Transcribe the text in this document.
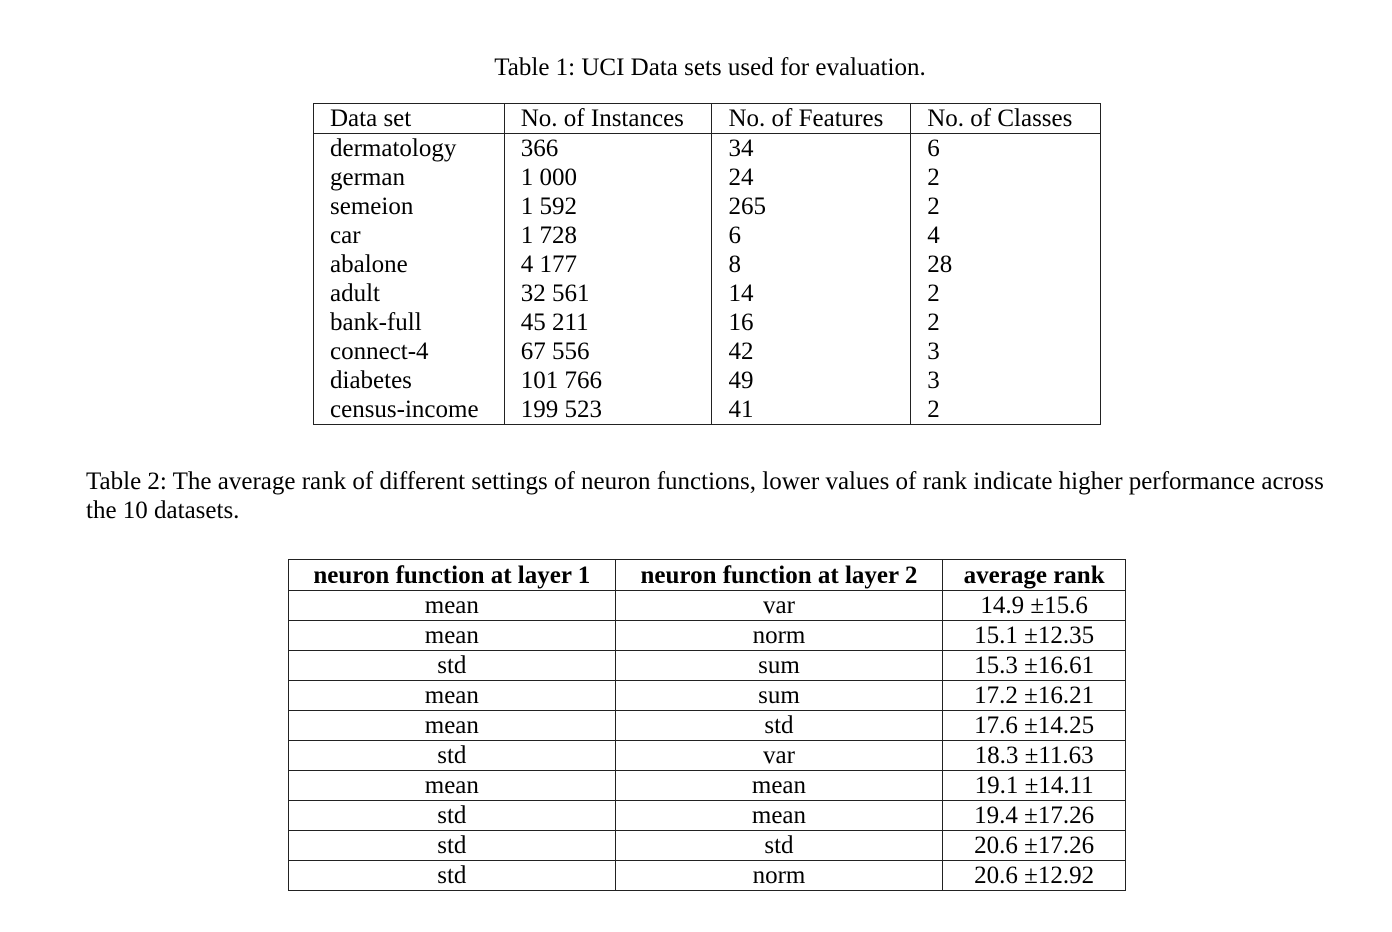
Table 1: UCI Data sets used for evaluation.
Data set	No. of Instances	No. of Features	No. of Classes
dermatology	366	34	6
german	1 000	24	2
semeion	1 592	265	2
car	1 728	6	4
abalone	4 177	8	28
adult	32 561	14	2
bank-full	45 211	16	2
connect-4	67 556	42	3
diabetes	101 766	49	3
census-income	199 523	41	2
Table 2: The average rank of different settings of neuron functions, lower values of rank indicate higher performance across the 10 datasets.
neuron function at layer 1	neuron function at layer 2	average rank
mean	var	14.9 ±15.6
mean	norm	15.1 ±12.35
std	sum	15.3 ±16.61
mean	sum	17.2 ±16.21
mean	std	17.6 ±14.25
std	var	18.3 ±11.63
mean	mean	19.1 ±14.11
std	mean	19.4 ±17.26
std	std	20.6 ±17.26
std	norm	20.6 ±12.92
